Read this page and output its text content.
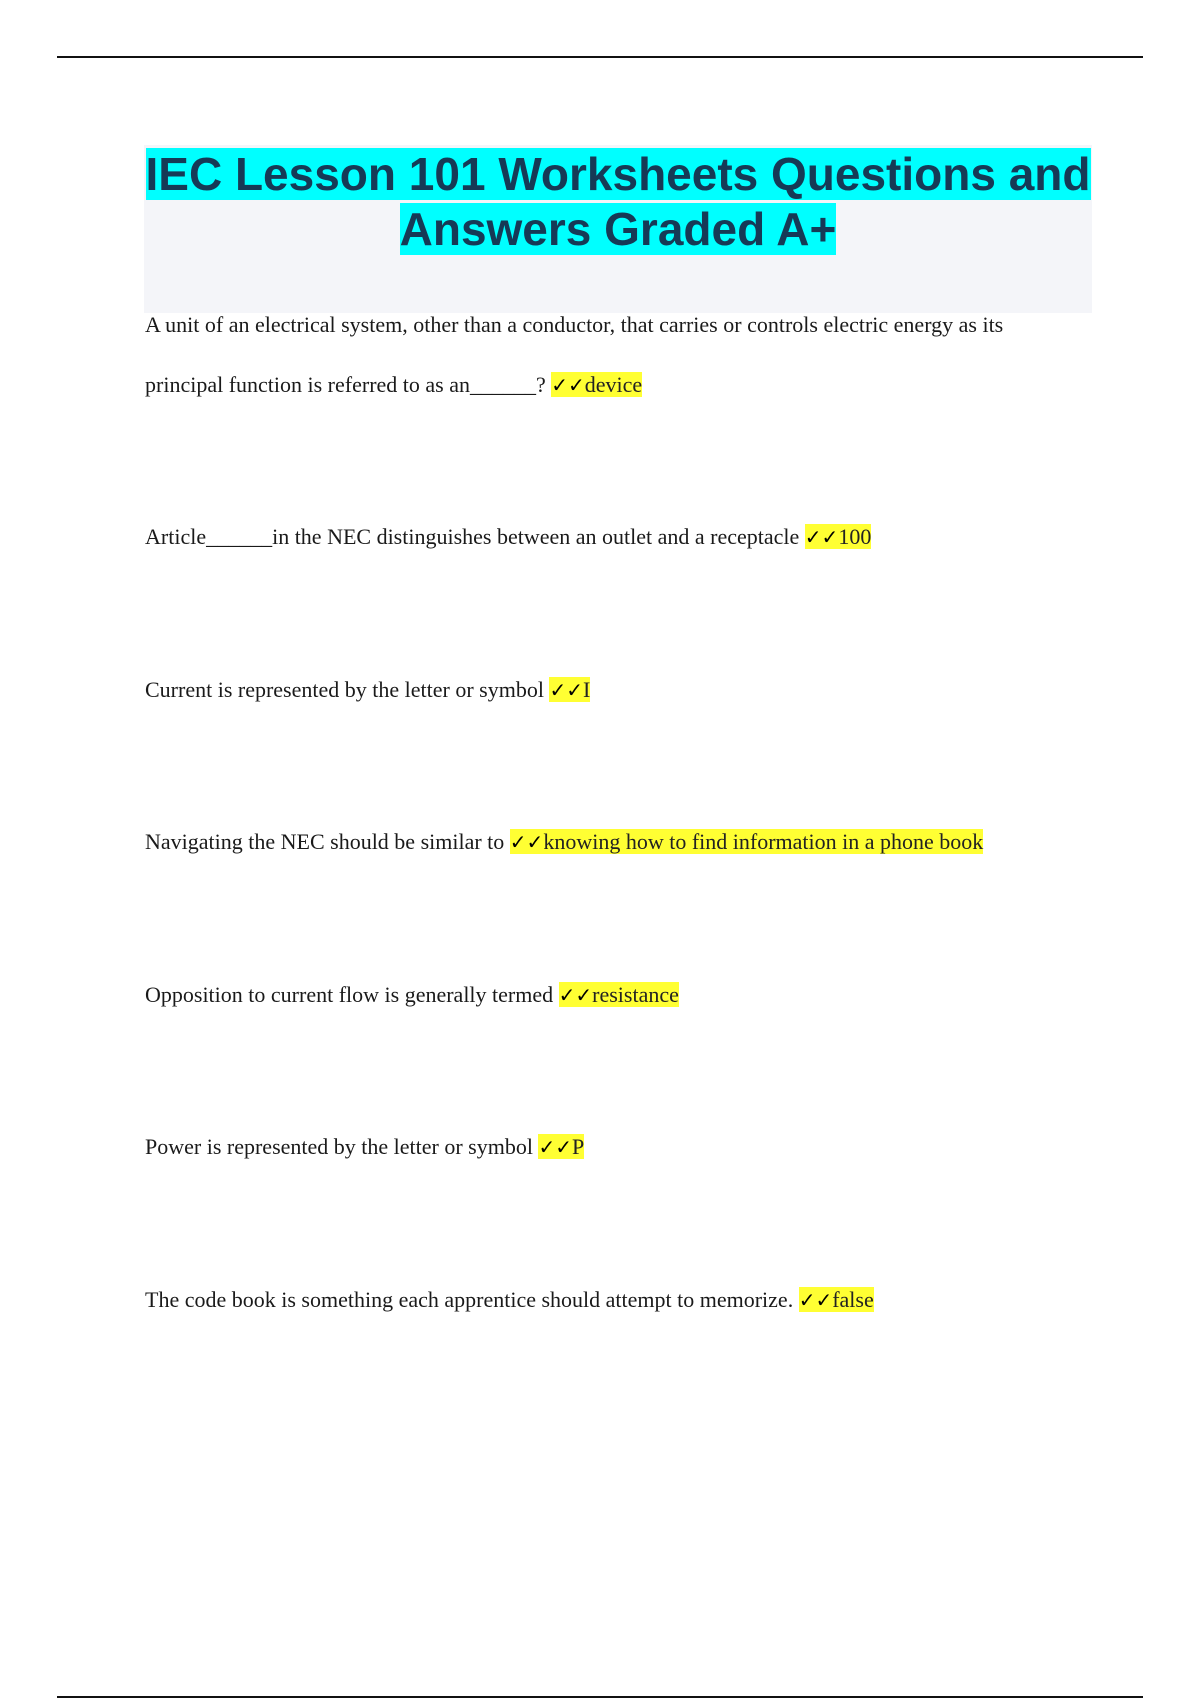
IEC Lesson 101 Worksheets Questions and Answers Graded A+

A unit of an electrical system, other than a conductor, that carries or controls electric energy as its principal function is referred to as an______? ✓✓device

Article______in the NEC distinguishes between an outlet and a receptacle ✓✓100

Current is represented by the letter or symbol ✓✓I

Navigating the NEC should be similar to ✓✓knowing how to find information in a phone book

Opposition to current flow is generally termed ✓✓resistance

Power is represented by the letter or symbol ✓✓P

The code book is something each apprentice should attempt to memorize. ✓✓false
